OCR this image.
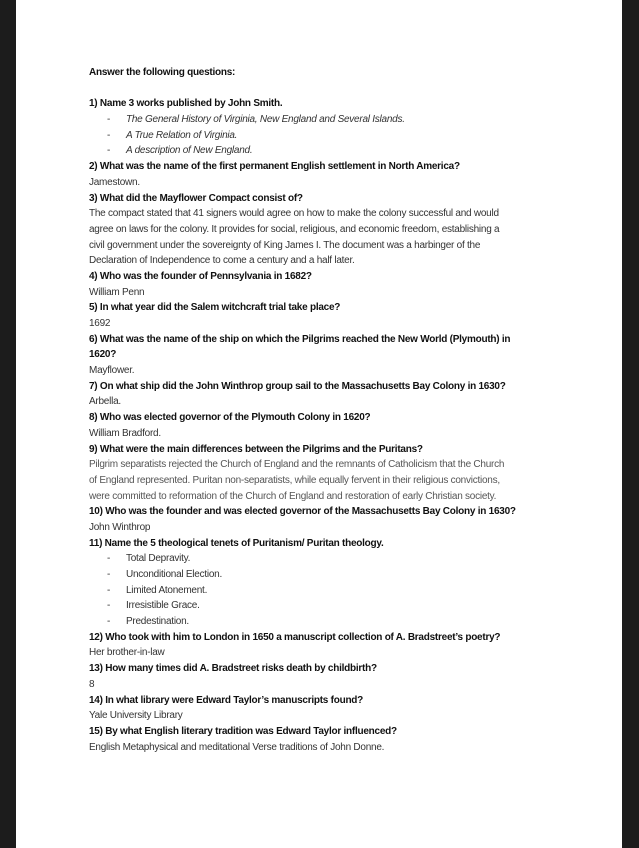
Answer the following questions:
1) Name 3 works published by John Smith.
- The General History of Virginia, New England and Several Islands.
- A True Relation of Virginia.
- A description of New England.
2) What was the name of the first permanent English settlement in North America?
Jamestown.
3) What did the Mayflower Compact consist of?
The compact stated that 41 signers would agree on how to make the colony successful and would
agree on laws for the colony. It provides for social, religious, and economic freedom, establishing a
civil government under the sovereignty of King James I. The document was a harbinger of the
Declaration of Independence to come a century and a half later.
4) Who was the founder of Pennsylvania in 1682?
William Penn
5) In what year did the Salem witchcraft trial take place?
1692
6) What was the name of the ship on which the Pilgrims reached the New World (Plymouth) in
1620?
Mayflower.
7) On what ship did the John Winthrop group sail to the Massachusetts Bay Colony in 1630?
Arbella.
8) Who was elected governor of the Plymouth Colony in 1620?
William Bradford.
9) What were the main differences between the Pilgrims and the Puritans?
Pilgrim separatists rejected the Church of England and the remnants of Catholicism that the Church
of England represented. Puritan non-separatists, while equally fervent in their religious convictions,
were committed to reformation of the Church of England and restoration of early Christian society.
10) Who was the founder and was elected governor of the Massachusetts Bay Colony in 1630?
John Winthrop
11) Name the 5 theological tenets of Puritanism/ Puritan theology.
- Total Depravity.
- Unconditional Election.
- Limited Atonement.
- Irresistible Grace.
- Predestination.
12) Who took with him to London in 1650 a manuscript collection of A. Bradstreet’s poetry?
Her brother-in-law
13) How many times did A. Bradstreet risks death by childbirth?
8
14) In what library were Edward Taylor’s manuscripts found?
Yale University Library
15) By what English literary tradition was Edward Taylor influenced?
English Metaphysical and meditational Verse traditions of John Donne.
